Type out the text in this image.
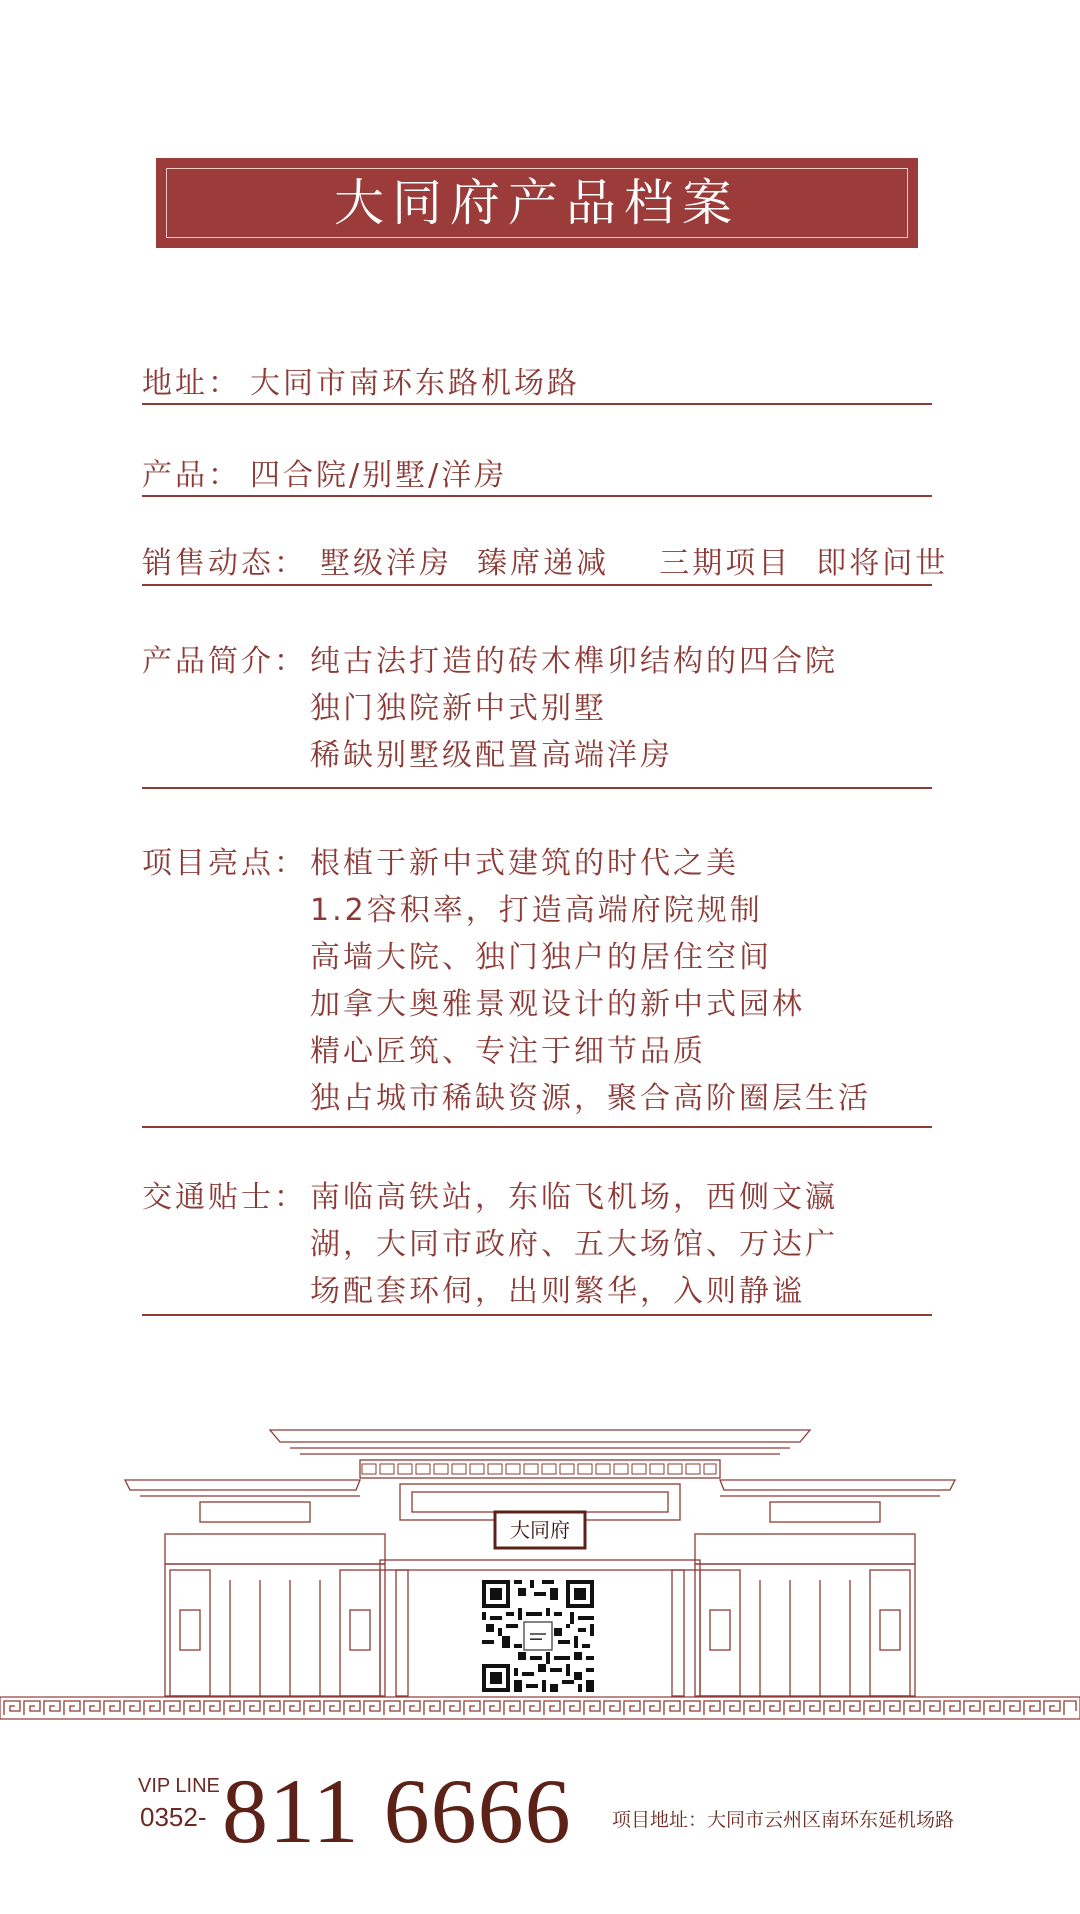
大同府产品档案
地址： 大同市南环东路机场路
产品： 四合院/别墅/洋房
销售动态： 墅级洋房  臻席递减    三期项目  即将问世
产品简介： 纯古法打造的砖木榫卯结构的四合院
独门独院新中式别墅
稀缺别墅级配置高端洋房
项目亮点： 根植于新中式建筑的时代之美
1.2容积率，打造高端府院规制
高墙大院、独门独户的居住空间
加拿大奥雅景观设计的新中式园林
精心匠筑、专注于细节品质
独占城市稀缺资源，聚合高阶圈层生活
交通贴士： 南临高铁站，东临飞机场，西侧文瀛
湖，大同市政府、五大场馆、万达广
场配套环伺，出则繁华，入则静谧
大同府
VIP LINE
0352- 811 6666 项目地址：大同市云州区南环东延机场路
